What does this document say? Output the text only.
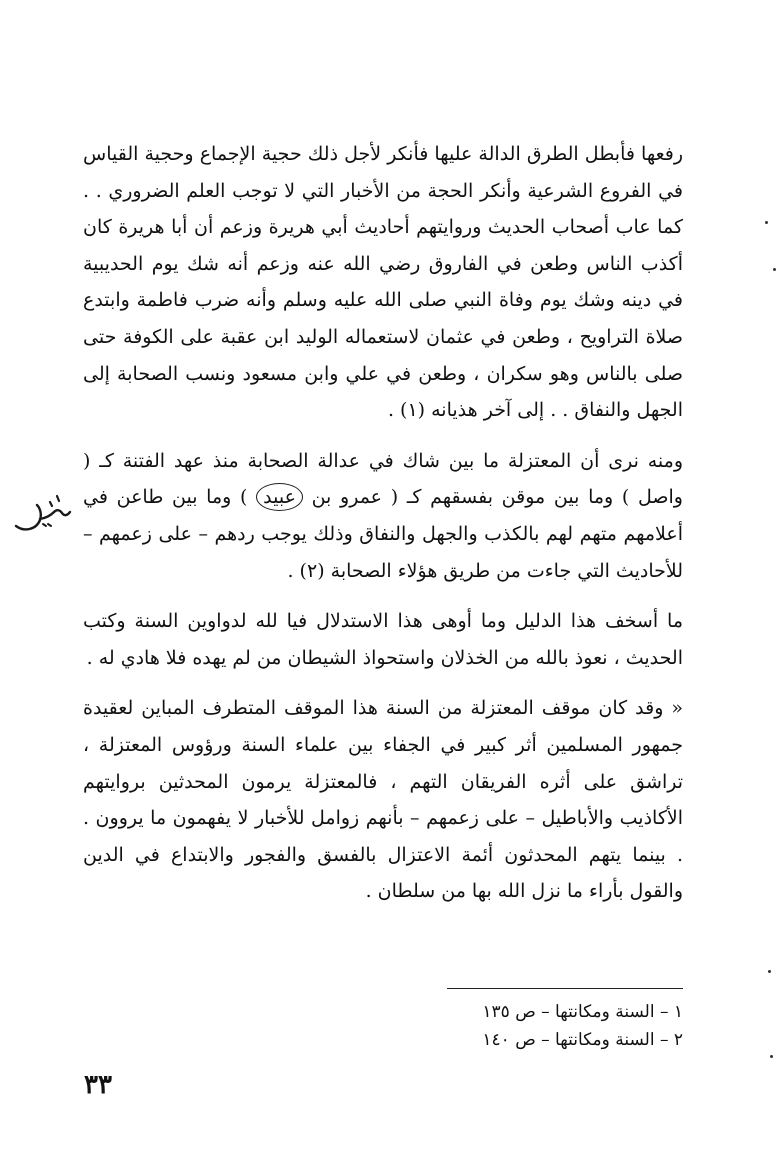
رفعها فأبطل الطرق الدالة عليها فأنكر لأجل ذلك حجية الإجماع وحجية القياس في الفروع الشرعية وأنكر الحجة من الأخبار التي لا توجب العلم الضروري . . كما عاب أصحاب الحديث وروايتهم أحاديث أبي هريرة وزعم أن أبا هريرة كان أكذب الناس وطعن في الفاروق رضي الله عنه وزعم أنه شك يوم الحديبية في دينه وشك يوم وفاة النبي صلى الله عليه وسلم وأنه ضرب فاطمة وابتدع صلاة التراويح ، وطعن في عثمان لاستعماله الوليد ابن عقبة على الكوفة حتى صلى بالناس وهو سكران ، وطعن في علي وابن مسعود ونسب الصحابة إلى الجهل والنفاق . . إلى آخر هذيانه (١) .

ومنه نرى أن المعتزلة ما بين شاك في عدالة الصحابة منذ عهد الفتنة كـ ( واصل ) وما بين موقن بفسقهم كـ ( عمرو بن عبيد ) وما بين طاعن في أعلامهم متهم لهم بالكذب والجهل والنفاق وذلك يوجب ردهم – على زعمهم – للأحاديث التي جاءت من طريق هؤلاء الصحابة (٢) .

ما أسخف هذا الدليل وما أوهى هذا الاستدلال فيا لله لدواوين السنة وكتب الحديث ، نعوذ بالله من الخذلان واستحواذ الشيطان من لم يهده فلا هادي له .

« وقد كان موقف المعتزلة من السنة هذا الموقف المتطرف المباين لعقيدة جمهور المسلمين أثر كبير في الجفاء بين علماء السنة ورؤوس المعتزلة ، تراشق على أثره الفريقان التهم ، فالمعتزلة يرمون المحدثين بروايتهم الأكاذيب والأباطيل – على زعمهم – بأنهم زوامل للأخبار لا يفهمون ما يروون . . بينما يتهم المحدثون أئمة الاعتزال بالفسق والفجور والابتداع في الدين والقول بأراء ما نزل الله بها من سلطان .

١ – السنة ومكانتها – ص ١٣٥

٢ – السنة ومكانتها – ص ١٤٠

٣٣
